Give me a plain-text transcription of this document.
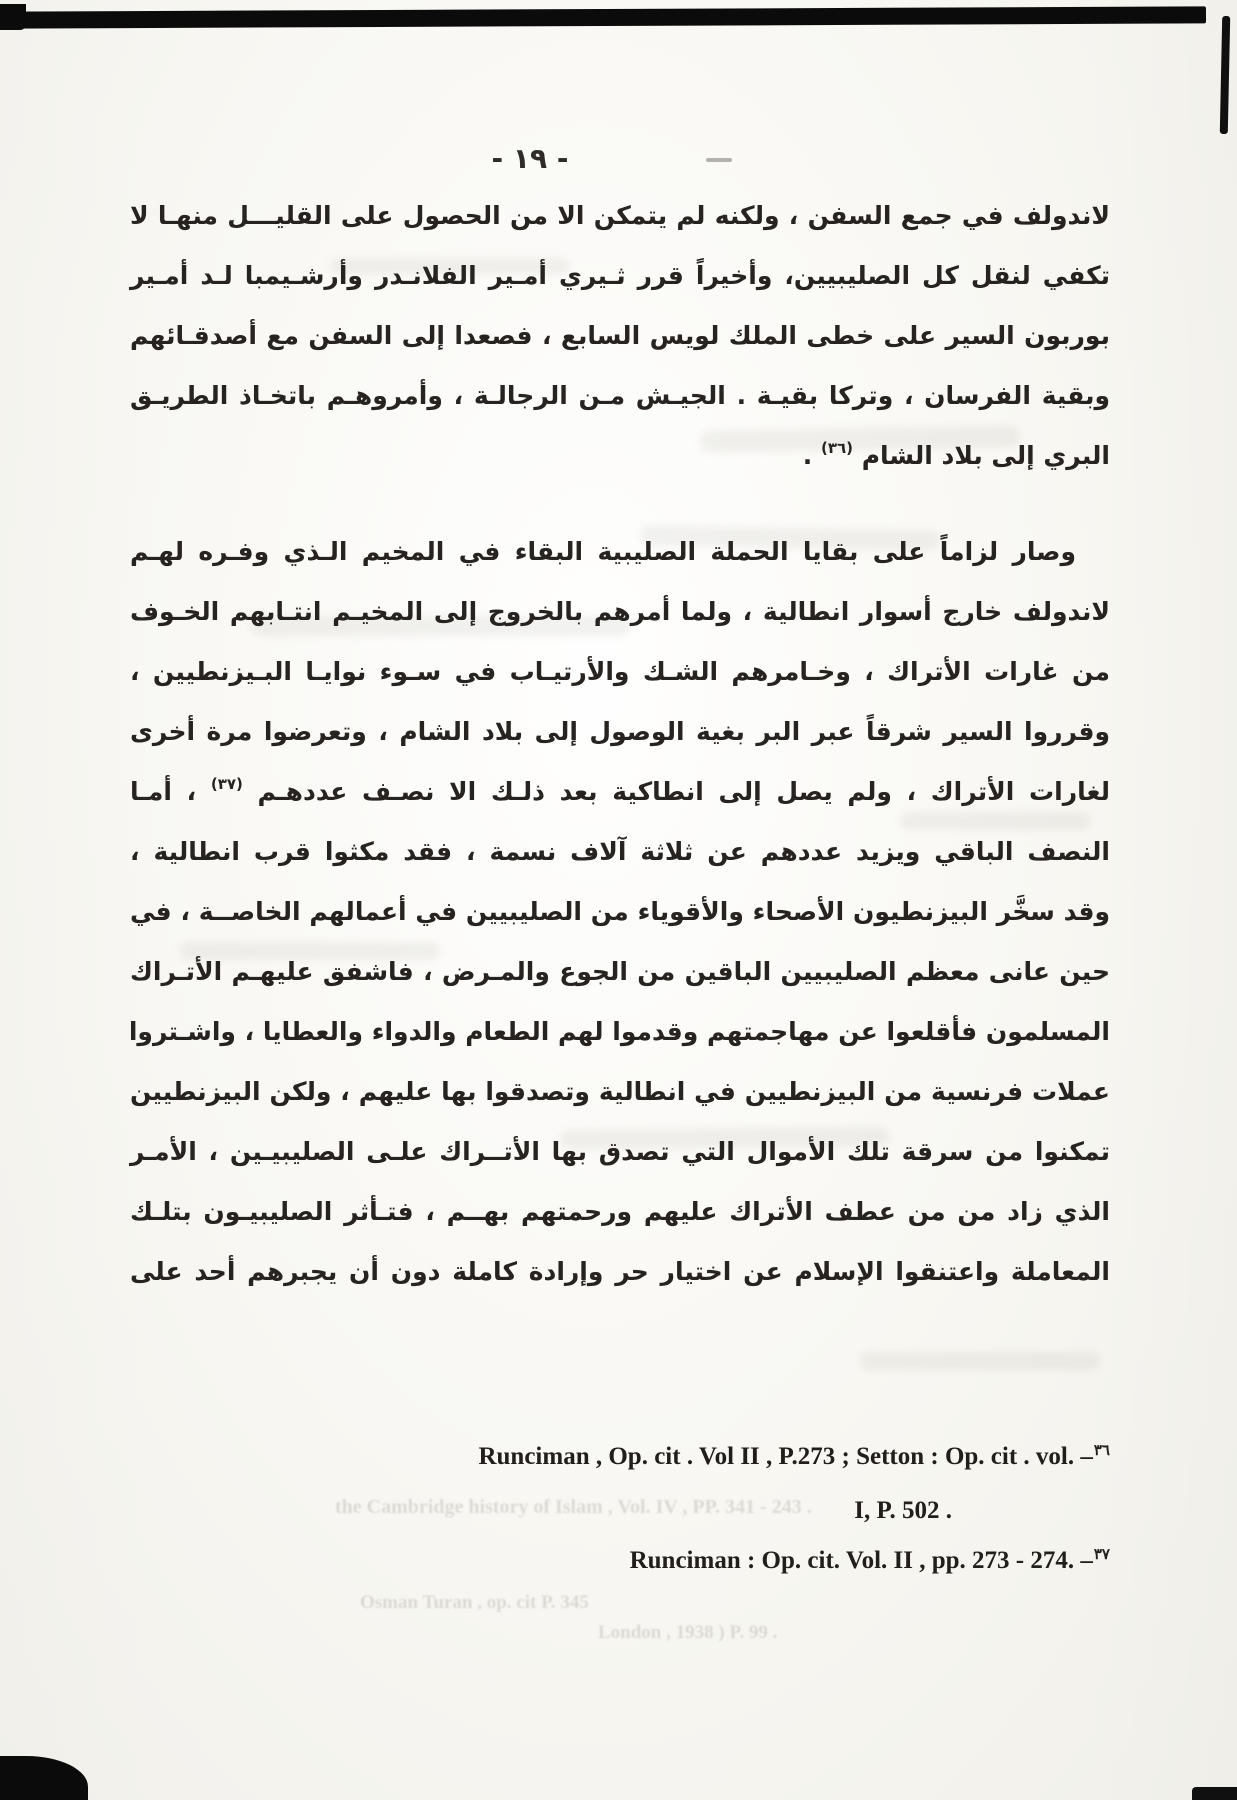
- ١٩ -
لاندولف في جمع السفن ، ولكنه لم يتمكن الا من الحصول على القليـــل منهـا لا
تكفي لنقل كل الصليبيين، وأخيراً قرر ثـيري أمـير الفلانـدر وأرشـيمبا لـد أمـير
بوربون السير على خطى الملك لويس السابع ، فصعدا إلى السفن مع أصدقـائهم
وبقية الفرسان ، وتركا بقيـة . الجيـش مـن الرجالـة ، وأمروهـم باتخـاذ الطريـق
البري إلى بلاد الشام $^{(٣٦)}$ .
وصار لزاماً على بقايا الحملة الصليبية البقاء في المخيم الـذي وفـره لهـم
لاندولف خارج أسوار انطالية ، ولما أمرهم بالخروج إلى المخيـم انتـابهم الخـوف
من غارات الأتراك ، وخـامرهم الشـك والأرتيـاب في سـوء نوايـا البـيزنطيين ،
وقرروا السير شرقاً عبر البر بغية الوصول إلى بلاد الشام ، وتعرضوا مرة أخرى
لغارات الأتراك ، ولم يصل إلى انطاكية بعد ذلـك الا نصـف عددهـم $^{(٣٧)}$ ، أمـا
النصف الباقي ويزيد عددهم عن ثلاثة آلاف نسمة ، فقد مكثوا قرب انطالية ،
وقد سخَّر البيزنطيون الأصحاء والأقوياء من الصليبيين في أعمالهم الخاصــة ، في
حين عانى معظم الصليبيين الباقين من الجوع والمـرض ، فاشفق عليهـم الأتـراك
المسلمون فأقلعوا عن مهاجمتهم وقدموا لهم الطعام والدواء والعطايا ، واشـتروا
عملات فرنسية من البيزنطيين في انطالية وتصدقوا بها عليهم ، ولكن البيزنطيين
تمكنوا من سرقة تلك الأموال التي تصدق بها الأتــراك علـى الصليبيـين ، الأمـر
الذي زاد من من عطف الأتراك عليهم ورحمتهم بهــم ، فتـأثر الصليبيـون بتلـك
المعاملة واعتنقوا الإسلام عن اختيار حر وإرادة كاملة دون أن يجبرهم أحد على
Runciman , Op. cit . Vol II , P.273 ; Setton : Op. cit . vol. –$^{٣٦}$
I, P. 502 .
Runciman : Op. cit. Vol. II , pp. 273 - 274. –$^{٣٧}$
the Cambridge history of Islam , Vol. IV , PP. 341 - 243 .
Osman Turan , op. cit P. 345
London , 1938 ) P. 99 .
